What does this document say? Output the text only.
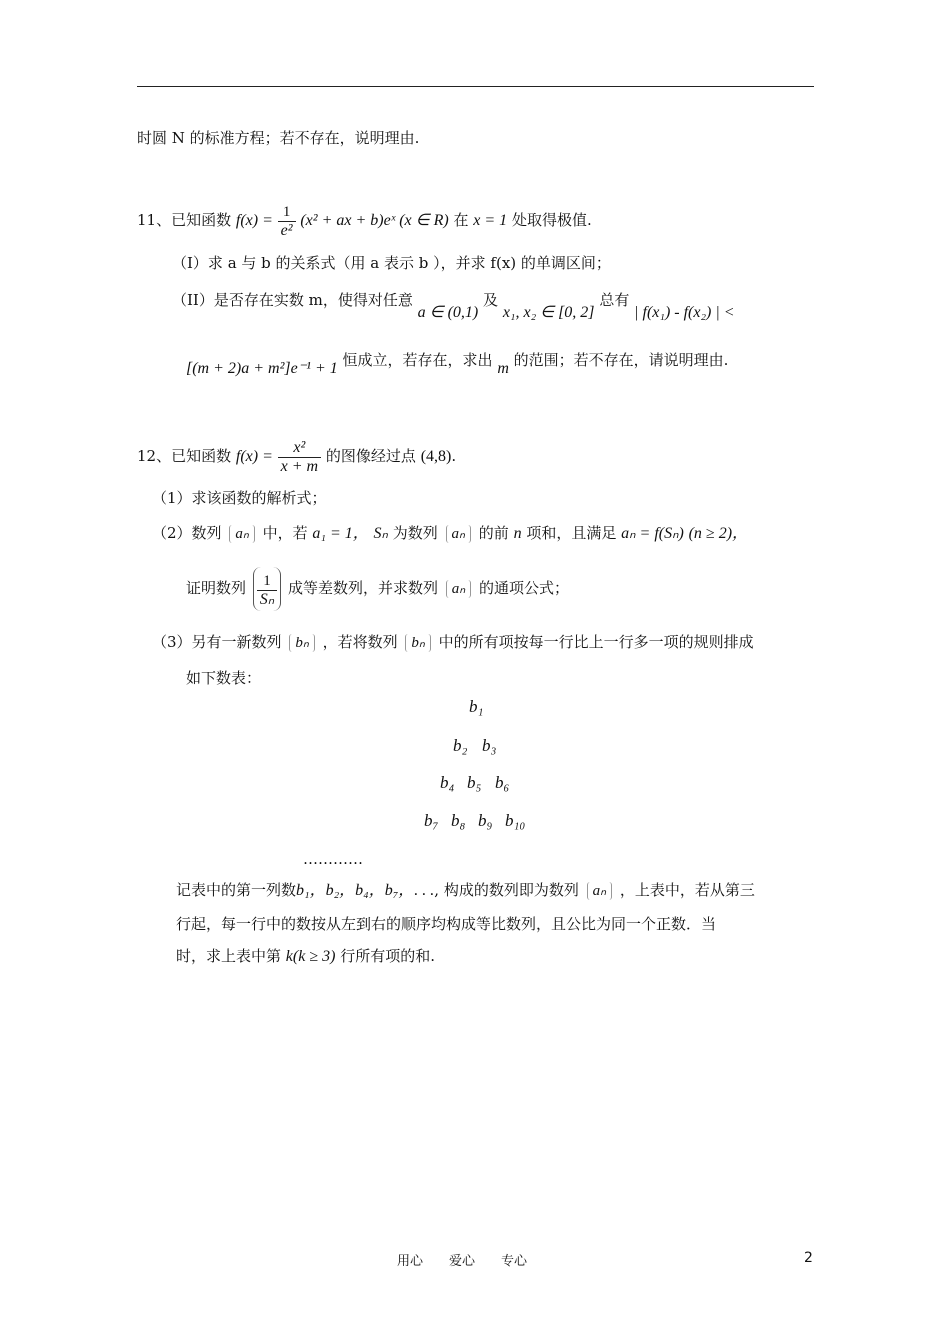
时圆 N 的标准方程；若不存在，说明理由.
11、已知函数 $f(x) = \frac{1}{\text{e²}} (x^2$ + ax + b)eˣ (x ∈ R) 在 x = 1 处取得极值.
（I）求 a 与 b 的关系式（用 a 表示 b ），并求 f(x) 的单调区间；
（II）是否存在实数 m，使得对任意 a ∈ (0,1) 及 x₁, x₂ ∈ [0, 2] 总有 | f(x₁) - f(x₂) | <
[(m + 2)a + m²]e⁻¹ + 1 恒成立，若存在，求出 m 的范围；若不存在，请说明理由.
12、已知函数 $f(x) = \frac{\text{x²}}{x + m}$ 的图像经过点 (4,8).
（1）求该函数的解析式；
（2）数列 aₙ 中，若 a₁ = 1， Sₙ 为数列 aₙ 的前 n 项和，且满足 aₙ = f(Sₙ) (n ≥ 2)，
证明数列 $\frac{1}{\text{Sₙ}}$ 成等差数列，并求数列 aₙ 的通项公式；
（3）另有一新数列 bₙ ，若将数列 bₙ 中的所有项按每一行比上一行多一项的规则排成
如下数表：
b₁
b₂ b₃
b₄ b₅ b₆
b₇ b₈ b₉ b₁₀
…………
记表中的第一列数b₁，b₂，b₄，b₇，. . ., 构成的数列即为数列 aₙ ，上表中，若从第三
行起，每一行中的数按从左到右的顺序均构成等比数列，且公比为同一个正数．当
时，求上表中第 k(k ≥ 3) 行所有项的和.
用心　　爱心　　专心	2
